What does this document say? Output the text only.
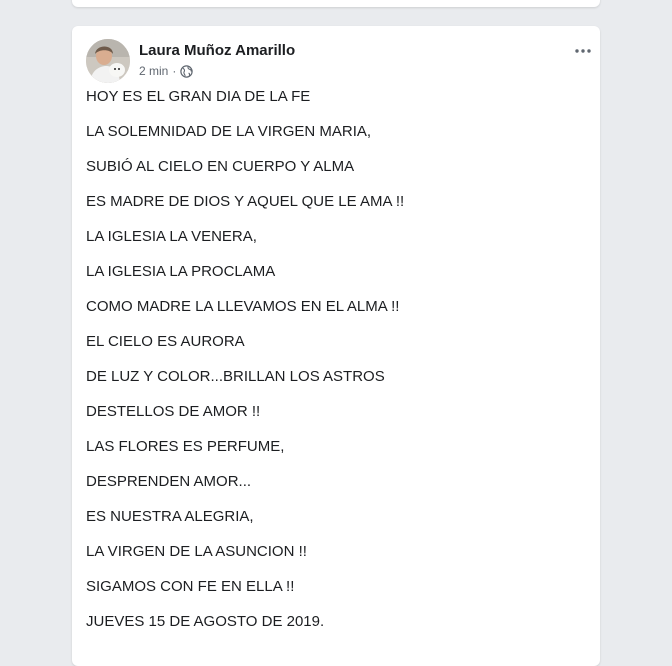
Laura Muñoz Amarillo
2 min ·
HOY ES EL GRAN DIA DE LA FE
LA SOLEMNIDAD DE LA VIRGEN MARIA,
SUBIÓ AL CIELO EN CUERPO Y ALMA
ES MADRE DE DIOS Y AQUEL QUE LE AMA !!
LA IGLESIA LA VENERA,
LA IGLESIA LA PROCLAMA
COMO MADRE LA LLEVAMOS EN EL ALMA !!
EL CIELO ES AURORA
DE LUZ Y COLOR...BRILLAN LOS ASTROS
DESTELLOS DE AMOR !!
LAS FLORES ES PERFUME,
DESPRENDEN AMOR...
ES NUESTRA ALEGRIA,
LA VIRGEN DE LA ASUNCION !!
SIGAMOS CON FE EN ELLA !!
JUEVES 15 DE AGOSTO DE 2019.
